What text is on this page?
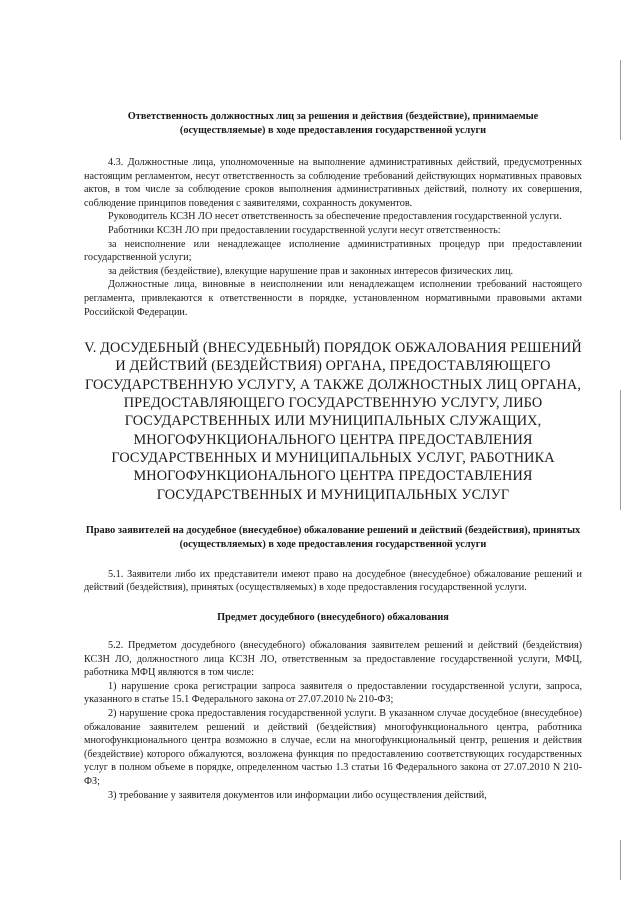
Ответственность должностных лиц за решения и действия (бездействие), принимаемые (осуществляемые) в ходе предоставления государственной услуги

4.3. Должностные лица, уполномоченные на выполнение административных действий, предусмотренных настоящим регламентом, несут ответственность за соблюдение требований действующих нормативных правовых актов, в том числе за соблюдение сроков выполнения административных действий, полноту их совершения, соблюдение принципов поведения с заявителями, сохранность документов.

Руководитель КСЗН ЛО несет ответственность за обеспечение предоставления государственной услуги.

Работники КСЗН ЛО при предоставлении государственной услуги несут ответственность:

за неисполнение или ненадлежащее исполнение административных процедур при предоставлении государственной услуги;

за действия (бездействие), влекущие нарушение прав и законных интересов физических лиц.

Должностные лица, виновные в неисполнении или ненадлежащем исполнении требований настоящего регламента, привлекаются к ответственности в порядке, установленном нормативными правовыми актами Российской Федерации.

V. ДОСУДЕБНЫЙ (ВНЕСУДЕБНЫЙ) ПОРЯДОК ОБЖАЛОВАНИЯ РЕШЕНИЙ И ДЕЙСТВИЙ (БЕЗДЕЙСТВИЯ) ОРГАНА, ПРЕДОСТАВЛЯЮЩЕГО ГОСУДАРСТВЕННУЮ УСЛУГУ, А ТАКЖЕ ДОЛЖНОСТНЫХ ЛИЦ ОРГАНА, ПРЕДОСТАВЛЯЮЩЕГО ГОСУДАРСТВЕННУЮ УСЛУГУ, ЛИБО ГОСУДАРСТВЕННЫХ ИЛИ МУНИЦИПАЛЬНЫХ СЛУЖАЩИХ, МНОГОФУНКЦИОНАЛЬНОГО ЦЕНТРА ПРЕДОСТАВЛЕНИЯ ГОСУДАРСТВЕННЫХ И МУНИЦИПАЛЬНЫХ УСЛУГ, РАБОТНИКА МНОГОФУНКЦИОНАЛЬНОГО ЦЕНТРА ПРЕДОСТАВЛЕНИЯ ГОСУДАРСТВЕННЫХ И МУНИЦИПАЛЬНЫХ УСЛУГ

Право заявителей на досудебное (внесудебное) обжалование решений и действий (бездействия), принятых (осуществляемых) в ходе предоставления государственной услуги

5.1. Заявители либо их представители имеют право на досудебное (внесудебное) обжалование решений и действий (бездействия), принятых (осуществляемых) в ходе предоставления государственной услуги.

Предмет досудебного (внесудебного) обжалования

5.2. Предметом досудебного (внесудебного) обжалования заявителем решений и действий (бездействия) КСЗН ЛО, должностного лица КСЗН ЛО, ответственным за предоставление государственной услуги, МФЦ, работника МФЦ являются в том числе:

1) нарушение срока регистрации запроса заявителя о предоставлении государственной услуги, запроса, указанного в статье 15.1 Федерального закона от 27.07.2010 № 210-ФЗ;

2) нарушение срока предоставления государственной услуги. В указанном случае досудебное (внесудебное) обжалование заявителем решений и действий (бездействия) многофункционального центра, работника многофункционального центра возможно в случае, если на многофункциональный центр, решения и действия (бездействие) которого обжалуются, возложена функция по предоставлению соответствующих государственных услуг в полном объеме в порядке, определенном частью 1.3 статьи 16 Федерального закона от 27.07.2010 N 210-ФЗ;

3) требование у заявителя документов или информации либо осуществления действий,
